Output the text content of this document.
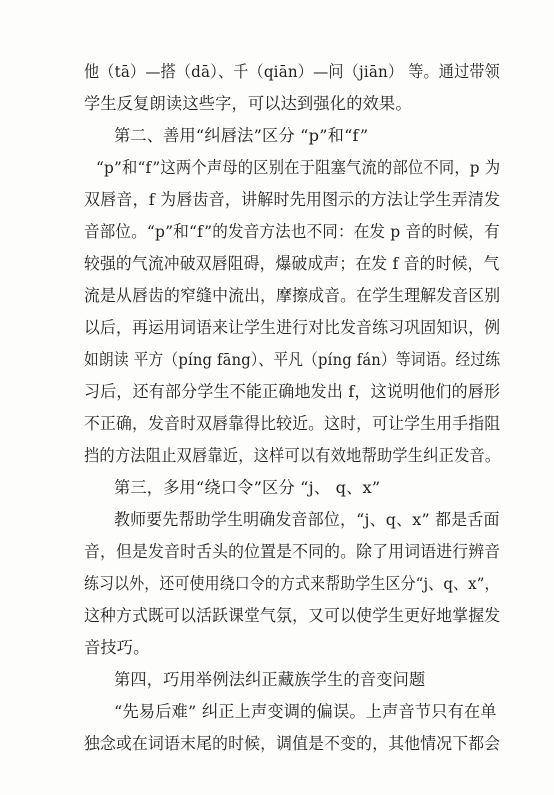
他（tā）—搭（dā）、千（qiān）—问（jiān） 等。通过带领
学生反复朗读这些字，可以达到强化的效果。
第二、善用“纠唇法”区分 “p”和“f”
“p”和“f”这两个声母的区别在于阻塞气流的部位不同，p 为
双唇音，f 为唇齿音，讲解时先用图示的方法让学生弄清发
音部位。“p”和“f”的发音方法也不同：在发 p 音的时候，有
较强的气流冲破双唇阻碍，爆破成声；在发 f 音的时候，气
流是从唇齿的窄缝中流出，摩擦成音。在学生理解发音区别
以后，再运用词语来让学生进行对比发音练习巩固知识，例
如朗读 平方（píng fāng）、平凡（píng fán）等词语。经过练
习后，还有部分学生不能正确地发出 f，这说明他们的唇形
不正确，发音时双唇靠得比较近。这时，可让学生用手指阻
挡的方法阻止双唇靠近，这样可以有效地帮助学生纠正发音。
第三，多用“绕口令”区分 “j、 q、x”
教师要先帮助学生明确发音部位，“j、q、x” 都是舌面
音，但是发音时舌头的位置是不同的。除了用词语进行辨音
练习以外，还可使用绕口令的方式来帮助学生区分“j、q、x”，
这种方式既可以活跃课堂气氛，又可以使学生更好地掌握发
音技巧。
第四，巧用举例法纠正藏族学生的音变问题
“先易后难” 纠正上声变调的偏误。上声音节只有在单
独念或在词语末尾的时候，调值是不变的，其他情况下都会
